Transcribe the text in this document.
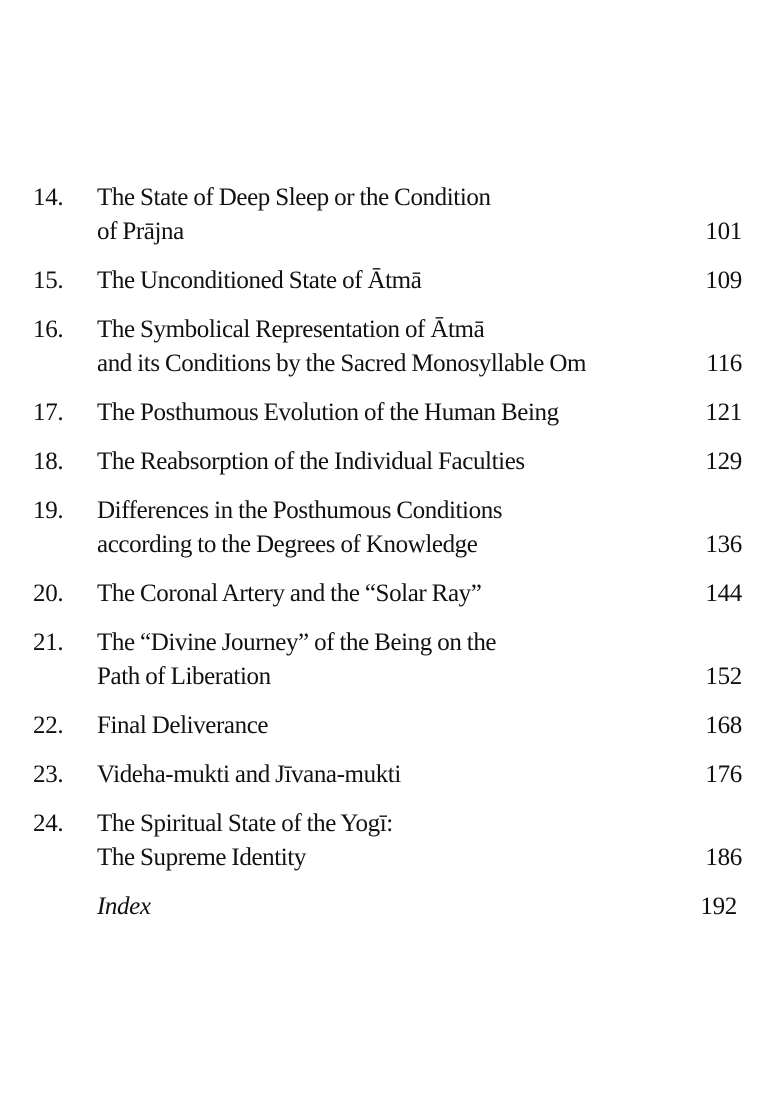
14. The State of Deep Sleep or the Condition
of Prājna	101
15. The Unconditioned State of Ātmā	109
16. The Symbolical Representation of Ātmā
and its Conditions by the Sacred Monosyllable Om	116
17. The Posthumous Evolution of the Human Being	121
18. The Reabsorption of the Individual Faculties	129
19. Differences in the Posthumous Conditions
according to the Degrees of Knowledge	136
20. The Coronal Artery and the “Solar Ray”	144
21. The “Divine Journey” of the Being on the
Path of Liberation	152
22. Final Deliverance	168
23. Videha-mukti and Jīvana-mukti	176
24. The Spiritual State of the Yogī:
The Supreme Identity	186
Index	192
